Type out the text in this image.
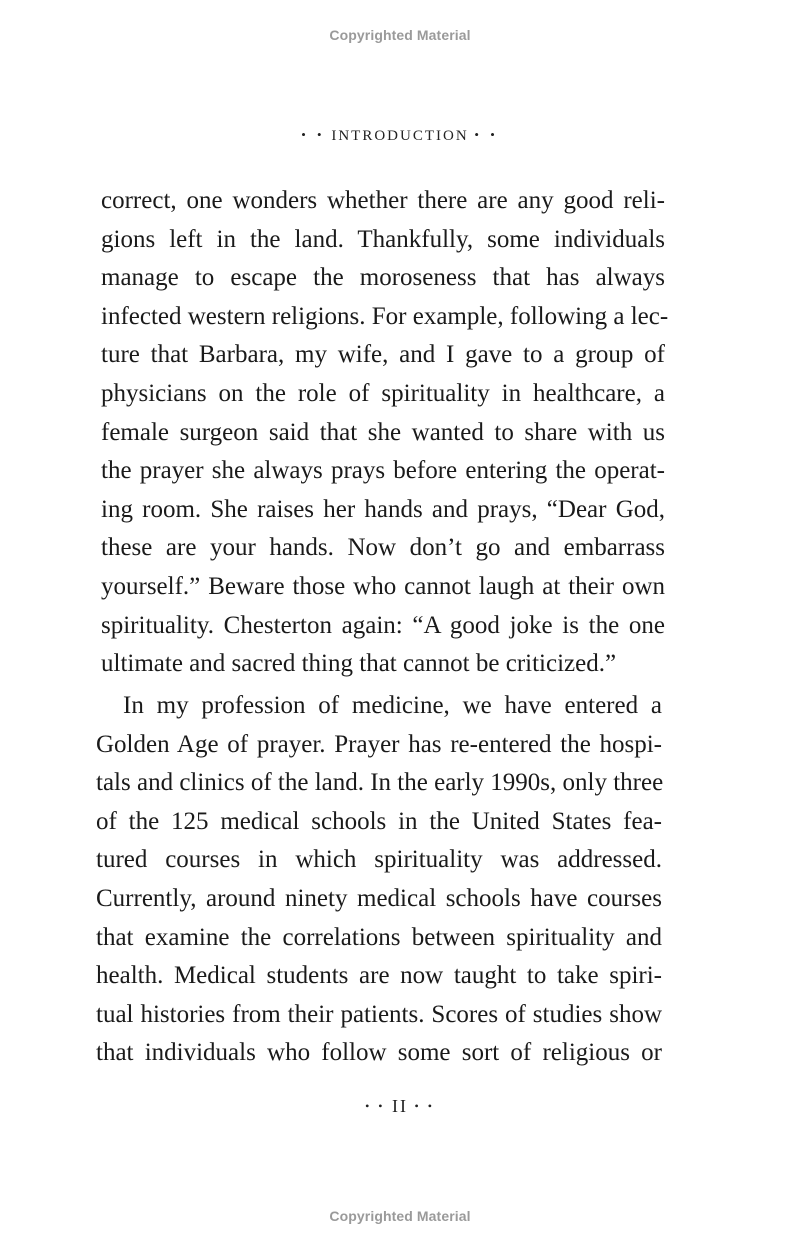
Copyrighted Material
• • INTRODUCTION • •
correct, one wonders whether there are any good reli-
gions left in the land. Thankfully, some individuals
manage to escape the moroseness that has always
infected western religions. For example, following a lec-
ture that Barbara, my wife, and I gave to a group of
physicians on the role of spirituality in healthcare, a
female surgeon said that she wanted to share with us
the prayer she always prays before entering the operat-
ing room. She raises her hands and prays, “Dear God,
these are your hands. Now don’t go and embarrass
yourself.” Beware those who cannot laugh at their own
spirituality. Chesterton again: “A good joke is the one
ultimate and sacred thing that cannot be criticized.”
In my profession of medicine, we have entered a
Golden Age of prayer. Prayer has re-entered the hospi-
tals and clinics of the land. In the early 1990s, only three
of the 125 medical schools in the United States fea-
tured courses in which spirituality was addressed.
Currently, around ninety medical schools have courses
that examine the correlations between spirituality and
health. Medical students are now taught to take spiri-
tual histories from their patients. Scores of studies show
that individuals who follow some sort of religious or
• • II • •
Copyrighted Material
